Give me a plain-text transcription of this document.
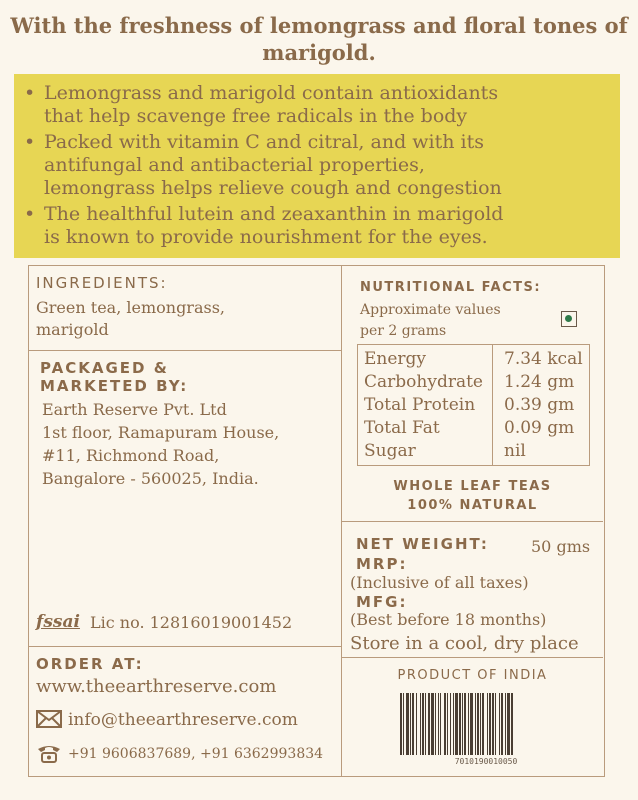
With the freshness of lemongrass and floral tones of marigold.
• Lemongrass and marigold contain antioxidants
that help scavenge free radicals in the body
• Packed with vitamin C and citral, and with its
antifungal and antibacterial properties,
lemongrass helps relieve cough and congestion
• The healthful lutein and zeaxanthin in marigold
is known to provide nourishment for the eyes.
INGREDIENTS:
Green tea, lemongrass,
marigold
PACKAGED &
MARKETED BY:
Earth Reserve Pvt. Ltd
1st floor, Ramapuram House,
#11, Richmond Road,
Bangalore - 560025, India.
fssai Lic no. 12816019001452
ORDER AT:
www.theearthreserve.com
info@theearthreserve.com
+91 9606837689, +91 6362993834
NUTRITIONAL FACTS:
Approximate values
per 2 grams
Energy	7.34 kcal
Carbohydrate 1.24 gm
Total Protein 0.39 gm
Total Fat	0.09 gm
Sugar	nil
WHOLE LEAF TEAS
100% NATURAL
NET WEIGHT:	50 gms
MRP:
(Inclusive of all taxes)
MFG:
(Best before 18 months)
Store in a cool, dry place
PRODUCT OF INDIA
7010190010050
